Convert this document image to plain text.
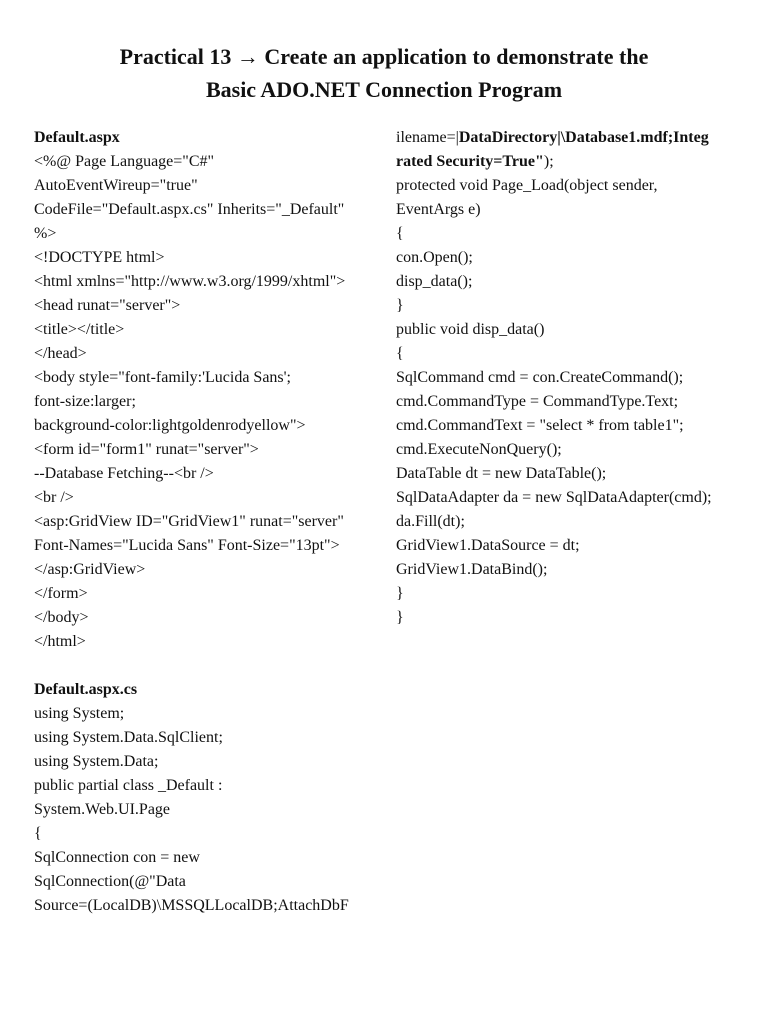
Practical 13 → Create an application to demonstrate the
Basic ADO.NET Connection Program
Default.aspx
<%@ Page Language="C#"
AutoEventWireup="true"
CodeFile="Default.aspx.cs" Inherits="_Default"
%>
<!DOCTYPE html>
<html xmlns="http://www.w3.org/1999/xhtml">
<head runat="server">
<title></title>
</head>
<body style="font-family:'Lucida Sans';
font-size:larger;
background-color:lightgoldenrodyellow">
<form id="form1" runat="server">
--Database Fetching--<br />
<br />
<asp:GridView ID="GridView1" runat="server"
Font-Names="Lucida Sans" Font-Size="13pt">
</asp:GridView>
</form>
</body>
</html>
Default.aspx.cs
using System;
using System.Data.SqlClient;
using System.Data;
public partial class _Default :
System.Web.UI.Page
{
SqlConnection con = new
SqlConnection(@"Data
Source=(LocalDB)\MSSQLLocalDB;AttachDbF
ilename=|DataDirectory|\Database1.mdf;Integ
rated Security=True");
protected void Page_Load(object sender,
EventArgs e)
{
con.Open();
disp_data();
}
public void disp_data()
{
SqlCommand cmd = con.CreateCommand();
cmd.CommandType = CommandType.Text;
cmd.CommandText = "select * from table1";
cmd.ExecuteNonQuery();
DataTable dt = new DataTable();
SqlDataAdapter da = new SqlDataAdapter(cmd);
da.Fill(dt);
GridView1.DataSource = dt;
GridView1.DataBind();
}
}
